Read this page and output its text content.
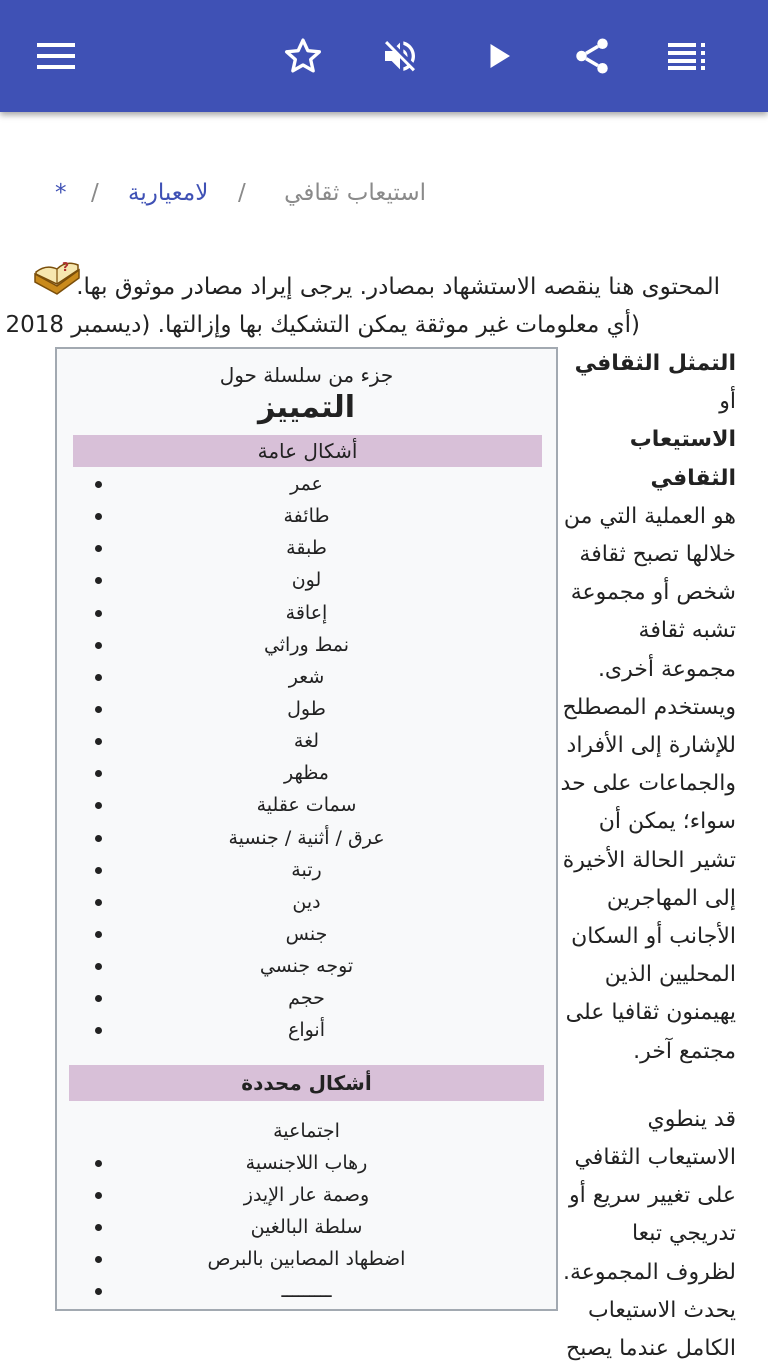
استيعاب ثقافي
/
لامعيارية
/
*
?
المحتوى هنا ينقصه الاستشهاد بمصادر. يرجى إيراد مصادر موثوق بها.
(أي معلومات غير موثقة يمكن التشكيك بها وإزالتها. (ديسمبر 2018

التمثل الثقافي أو
الاستيعاب الثقافي
هو العملية التي من
خلالها تصبح ثقافة
شخص أو مجموعة
تشبه ثقافة
مجموعة أخرى.
ويستخدم المصطلح
للإشارة إلى الأفراد
والجماعات على حد
سواء؛ يمكن أن
تشير الحالة الأخيرة
إلى المهاجرين
الأجانب أو السكان
المحليين الذين
يهيمنون ثقافيا على
مجتمع آخر.

قد ينطوي
الاستيعاب الثقافي
على تغيير سريع أو
تدريجي تبعا
لظروف المجموعة.
يحدث الاستيعاب
الكامل عندما يصبح

جزء من سلسلة حول
التمييز
أشكال عامة
عمر
طائفة
طبقة
لون
إعاقة
نمط وراثي
شعر
طول
لغة
مظهر
سمات عقلية
عرق / أثنية / جنسية
رتبة
دين
جنس
توجه جنسي
حجم
أنواع
أشكال محددة
اجتماعية
رهاب اللاجنسية
وصمة عار الإيدز
سلطة البالغين
اضطهاد المصابين بالبرص
ـــــــــ
